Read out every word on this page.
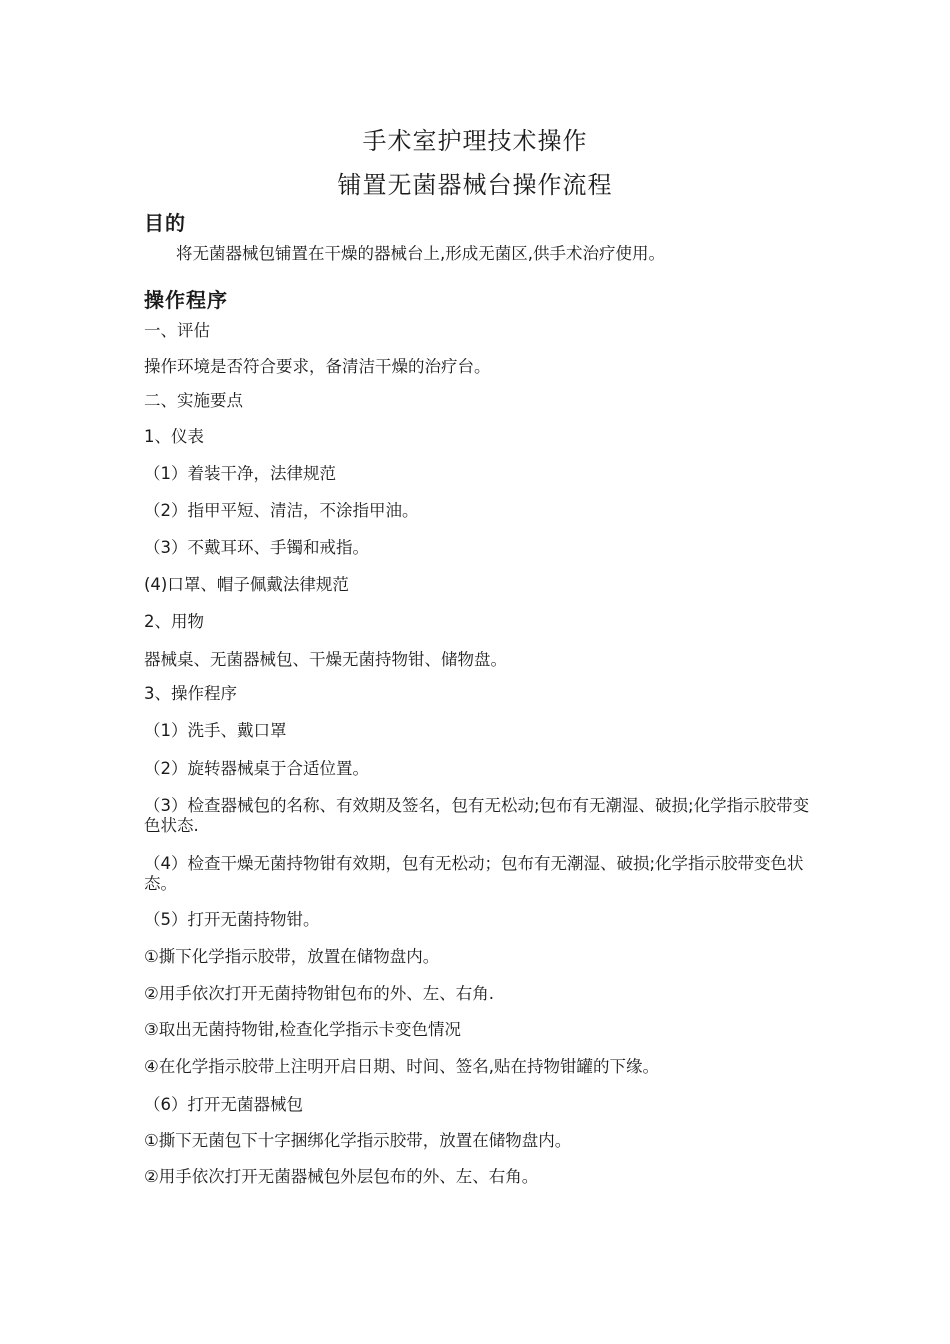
手术室护理技术操作
铺置无菌器械台操作流程
目的
将无菌器械包铺置在干燥的器械台上,形成无菌区,供手术治疗使用。
操作程序
一、评估
操作环境是否符合要求，备清洁干燥的治疗台。
二、实施要点
1、仪表
（1）着装干净，法律规范
（2）指甲平短、清洁，不涂指甲油。
（3）不戴耳环、手镯和戒指。
(4)口罩、帽子佩戴法律规范
2、用物
器械桌、无菌器械包、干燥无菌持物钳、储物盘。
3、操作程序
（1）洗手、戴口罩
（2）旋转器械桌于合适位置。
（3）检查器械包的名称、有效期及签名，包有无松动;包布有无潮湿、破损;化学指示胶带变色状态.
（4）检查干燥无菌持物钳有效期，包有无松动；包布有无潮湿、破损;化学指示胶带变色状态。
（5）打开无菌持物钳。
①撕下化学指示胶带，放置在储物盘内。
②用手依次打开无菌持物钳包布的外、左、右角.
③取出无菌持物钳,检查化学指示卡变色情况
④在化学指示胶带上注明开启日期、时间、签名,贴在持物钳罐的下缘。
（6）打开无菌器械包
①撕下无菌包下十字捆绑化学指示胶带，放置在储物盘内。
②用手依次打开无菌器械包外层包布的外、左、右角。
